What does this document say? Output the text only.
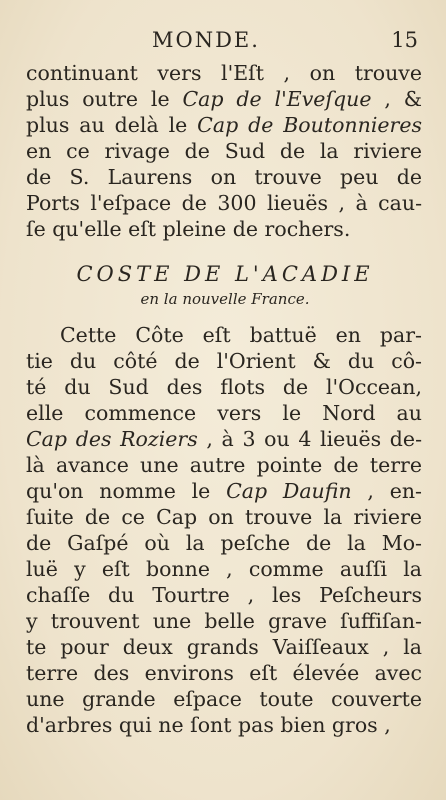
MONDE.	15
continuant vers l'Eſt , on trouve
plus outre le Cap de l'Eveſque , &
plus au delà le Cap de Boutonnieres
en ce rivage de Sud de la riviere
de S. Laurens on trouve peu de
Ports l'eſpace de 300 lieuës , à cau-
ſe qu'elle eſt pleine de rochers.
COSTE DE L'ACADIE
en la nouvelle France.
Cette Côte eſt battuë en par-
tie du côté de l'Orient & du cô-
té du Sud des flots de l'Occean,
elle commence vers le Nord au
Cap des Roziers , à 3 ou 4 lieuës de-
là avance une autre pointe de terre
qu'on nomme le Cap Daufin , en-
ſuite de ce Cap on trouve la riviere
de Gaſpé où la peſche de la Mo-
luë y eſt bonne , comme auſſi la
chaſſe du Tourtre , les Peſcheurs
y trouvent une belle grave ſuffiſan-
te pour deux grands Vaiſſeaux , la
terre des environs eſt élevée avec
une grande eſpace toute couverte
d'arbres qui ne ſont pas bien gros ,
